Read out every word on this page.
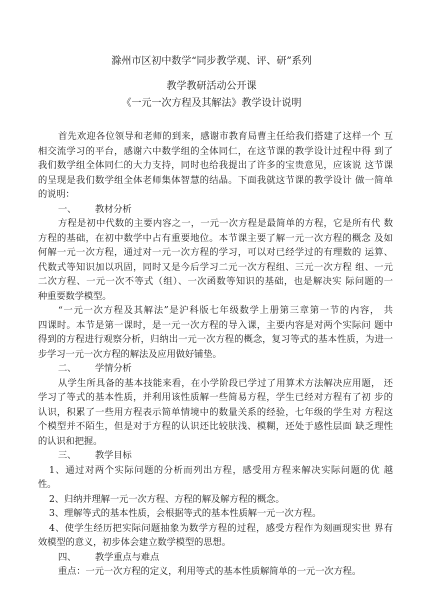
滁州市区初中数学“同步教学观、评、研”系列
教学教研活动公开课
《一元一次方程及其解法》教学设计说明
首先欢迎各位领导和老师的到来，感谢市教育局曹主任给我们搭建了这样一个 互
相交流学习的平台，感谢六中数学组的全体同仁，在这节课的教学设计过程中得 到了
我们数学组全体同仁的大力支持，同时也给我提出了许多的宝贵意见，应该说 这节课
的呈现是我们数学组全体老师集体智慧的结晶。下面我就这节课的教学设计 做一简单
的说明：
一、 教材分析
方程是初中代数的主要内容之一，一元一次方程是最简单的方程，它是所有代 数
方程的基础，在初中数学中占有重要地位。本节课主要了解一元一次方程的概念 及如
何解一元一次方程，通过对一元一次方程的学习，可以对已经学过的有理数的 运算、
代数式等知识加以巩固，同时又是今后学习二元一次方程组、三元一次方程 组、一元
二次方程、一元一次不等式（组）、一次函数等知识的基础，也是解决实 际问题的一
种重要数学模型。
“一元一次方程及其解法”是沪科版七年级数学上册第三章第一节的内容， 共
四课时。本节是第一课时，是一元一次方程的导入课，主要内容是对两个实际问 题中
得到的方程进行观察分析，归纳出一元一次方程的概念，复习等式的基本性质，为进一
步学习一元一次方程的解法及应用做好铺垫。
二、 学情分析
从学生所具备的基本技能来看，在小学阶段已学过了用算术方法解决应用题， 还
学习了等式的基本性质，并利用该性质解一些简易方程，学生已经对方程有了初 步的
认识，积累了一些用方程表示简单情境中的数量关系的经验，七年级的学生对 方程这
个模型并不陌生，但是对于方程的认识还比较肤浅、模糊，还处于感性层面 缺乏理性
的认识和把握。
三、 教学目标
1、通过对两个实际问题的分析而列出方程，感受用方程来解决实际问题的优 越
性。
2、归纳并理解一元一次方程、方程的解及解方程的概念。
3、理解等式的基本性质，会根据等式的基本性质解一元一次方程。
4、使学生经历把实际问题抽象为数学方程的过程，感受方程作为刻画现实世 界有
效模型的意义，初步体会建立数学模型的思想。
四、 教学重点与难点
重点：一元一次方程的定义，利用等式的基本性质解简单的一元一次方程。
